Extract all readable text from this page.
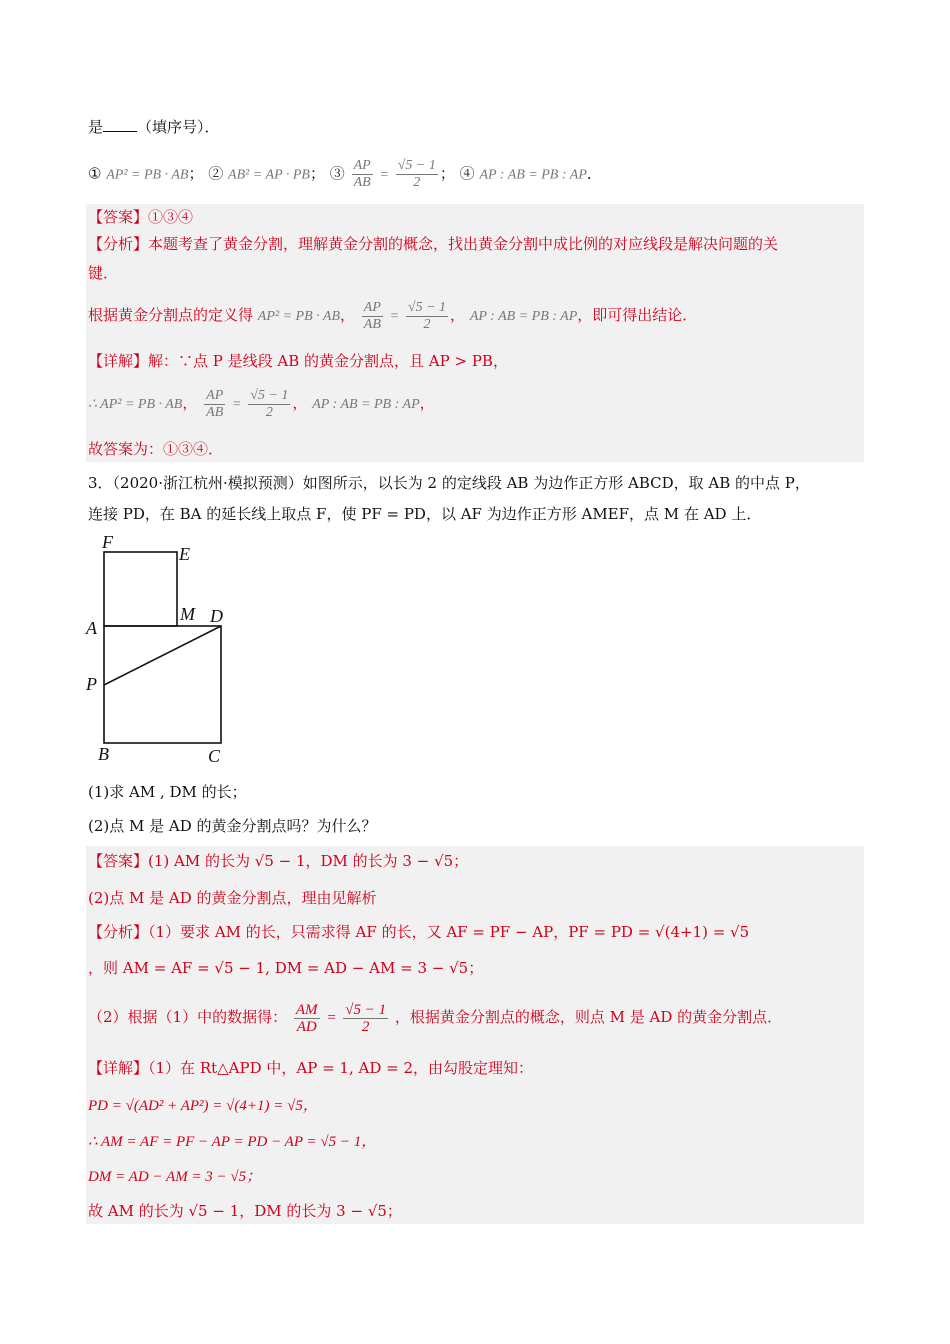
是 （填序号）．
① AP² = PB · AB； ② AB² = AP · PB； ③ $\frac{AP}{AB} = \frac{√5 - 1}{2}$ ； ④ AP : AB = PB : AP．
【答案】①③④
【分析】本题考查了黄金分割，理解黄金分割的概念，找出黄金分割中成比例的对应线段是解决问题的关
键．
根据黄金分割点的定义得 AP² = PB · AB， $\frac{AP}{AB} = \frac{√5 - 1}{2}$ ， AP : AB = PB : AP，即可得出结论．
【详解】解：∵点 P 是线段 AB 的黄金分割点，且 AP > PB，
∴ AP² = PB · AB， $\frac{AP}{AB} = \frac{√5 - 1}{2}$ ， AP : AB = PB : AP，
故答案为：①③④．
3．（2020·浙江杭州·模拟预测）如图所示，以长为 2 的定线段 AB 为边作正方形 ABCD，取 AB 的中点 P，
连接 PD，在 BA 的延长线上取点 F，使 PF = PD，以 AF 为边作正方形 AMEF，点 M 在 AD 上．
F
E
A
M D
P
B	C
(1)求 AM , DM 的长；
(2)点 M 是 AD 的黄金分割点吗？为什么？
【答案】(1) AM 的长为 √5 − 1，DM 的长为 3 − √5；
(2)点 M 是 AD 的黄金分割点，理由见解析
【分析】（1）要求 AM 的长，只需求得 AF 的长，又 AF = PF − AP，PF = PD = √(4+1) = √5
，则 AM = AF = √5 − 1, DM = AD − AM = 3 − √5；
（2）根据（1）中的数据得： $\frac{AM}{AD} = \frac{√5 - 1}{2}$ ，根据黄金分割点的概念，则点 M 是 AD 的黄金分割点．
【详解】（1）在 Rt△APD 中，AP = 1, AD = 2，由勾股定理知：
PD = √(AD² + AP²) = √(4+1) = √5，
∴ AM = AF = PF − AP = PD − AP = √5 − 1，
DM = AD − AM = 3 − √5；
故 AM 的长为 √5 − 1，DM 的长为 3 − √5；
